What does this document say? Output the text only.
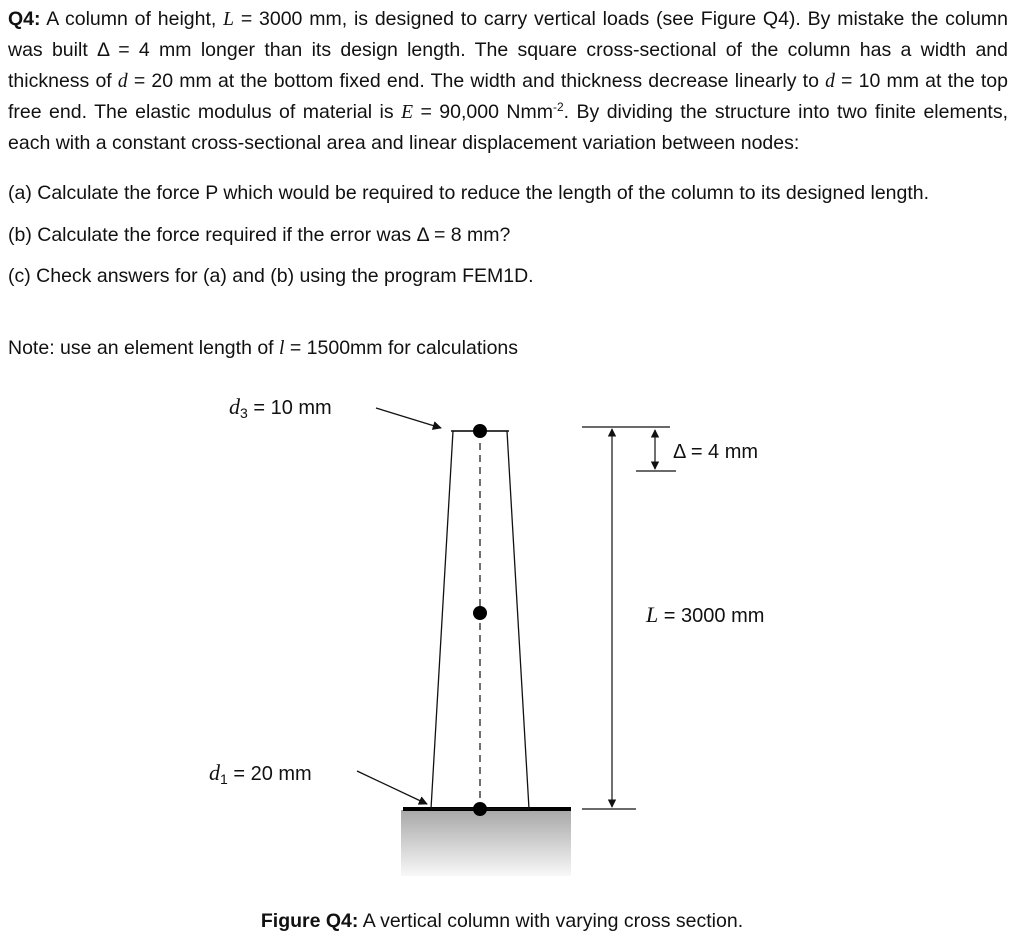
Q4: A column of height, L = 3000 mm, is designed to carry vertical loads (see Figure Q4). By mistake the column was built Δ = 4 mm longer than its design length. The square cross-sectional of the column has a width and thickness of d = 20 mm at the bottom fixed end. The width and thickness decrease linearly to d = 10 mm at the top free end. The elastic modulus of material is E = 90,000 Nmm$^{-2}$. By dividing the structure into two finite elements, each with a constant cross-sectional area and linear displacement variation between nodes:

(a) Calculate the force P which would be required to reduce the length of the column to its designed length.

(b) Calculate the force required if the error was Δ = 8 mm?

(c) Check answers for (a) and (b) using the program FEM1D.

Note: use an element length of l = 1500mm for calculations

$d_3 = 10$ mm
$d_1 = 20$ mm
L = 3000 mm
Δ = 4 mm
Figure Q4: A vertical column with varying cross section.
